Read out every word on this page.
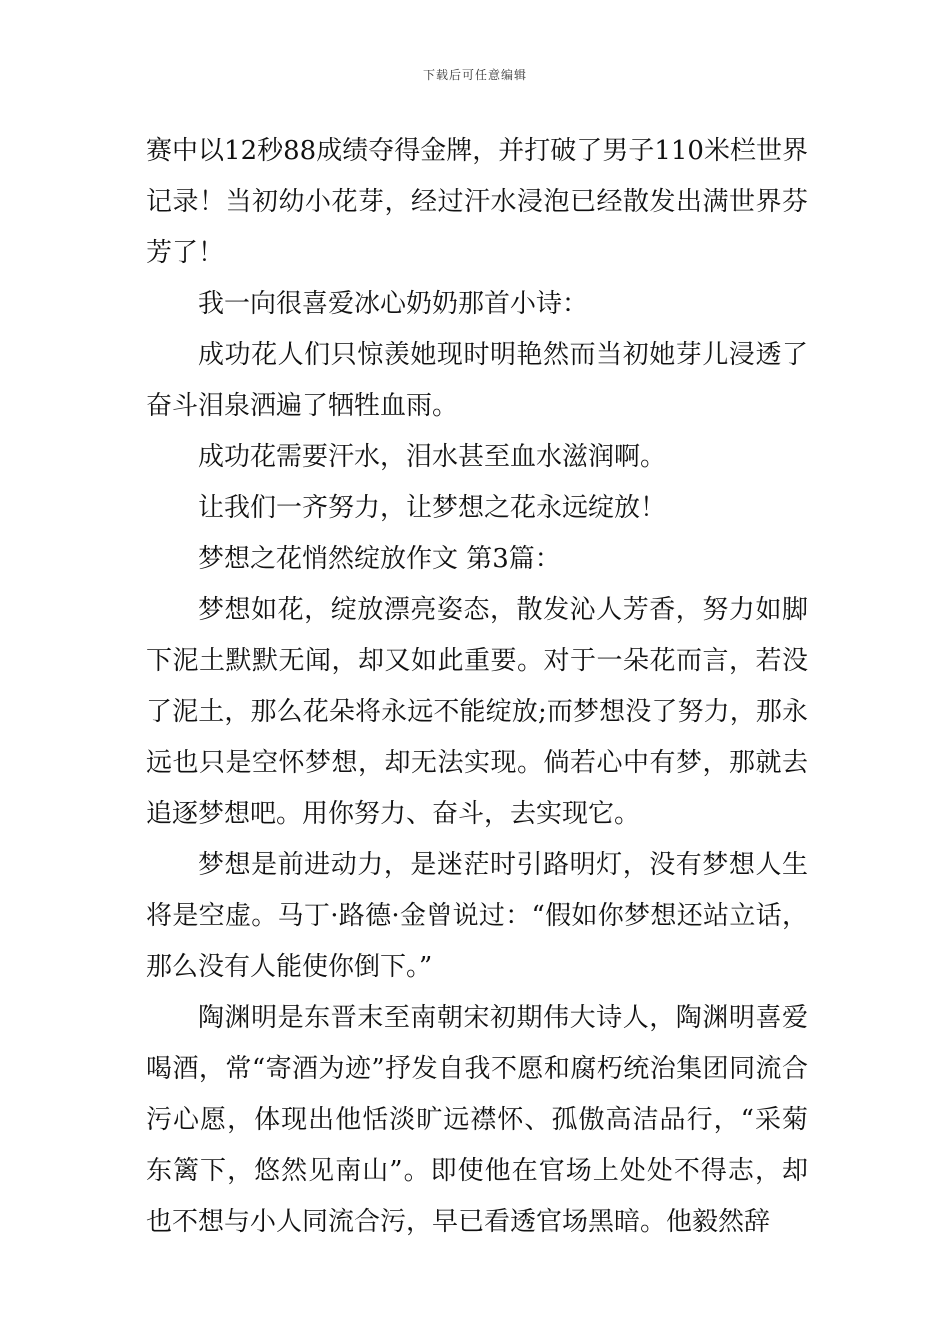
下载后可任意编辑

赛中以12秒88成绩夺得金牌，并打破了男子110米栏世界记录！当初幼小花芽，经过汗水浸泡已经散发出满世界芬芳了！

我一向很喜爱冰心奶奶那首小诗：

成功花人们只惊羡她现时明艳然而当初她芽儿浸透了奋斗泪泉洒遍了牺牲血雨。

成功花需要汗水，泪水甚至血水滋润啊。

让我们一齐努力，让梦想之花永远绽放！

梦想之花悄然绽放作文 第3篇：

梦想如花，绽放漂亮姿态，散发沁人芳香，努力如脚下泥土默默无闻，却又如此重要。对于一朵花而言，若没了泥土，那么花朵将永远不能绽放;而梦想没了努力，那永远也只是空怀梦想，却无法实现。倘若心中有梦，那就去追逐梦想吧。用你努力、奋斗，去实现它。

梦想是前进动力，是迷茫时引路明灯，没有梦想人生将是空虚。马丁·路德·金曾说过：“假如你梦想还站立话，那么没有人能使你倒下。”

陶渊明是东晋末至南朝宋初期伟大诗人，陶渊明喜爱喝酒，常“寄酒为迹”抒发自我不愿和腐朽统治集团同流合污心愿，体现出他恬淡旷远襟怀、孤傲高洁品行，“采菊东篱下，悠然见南山”。即使他在官场上处处不得志，却也不想与小人同流合污，早已看透官场黑暗。他毅然辞
